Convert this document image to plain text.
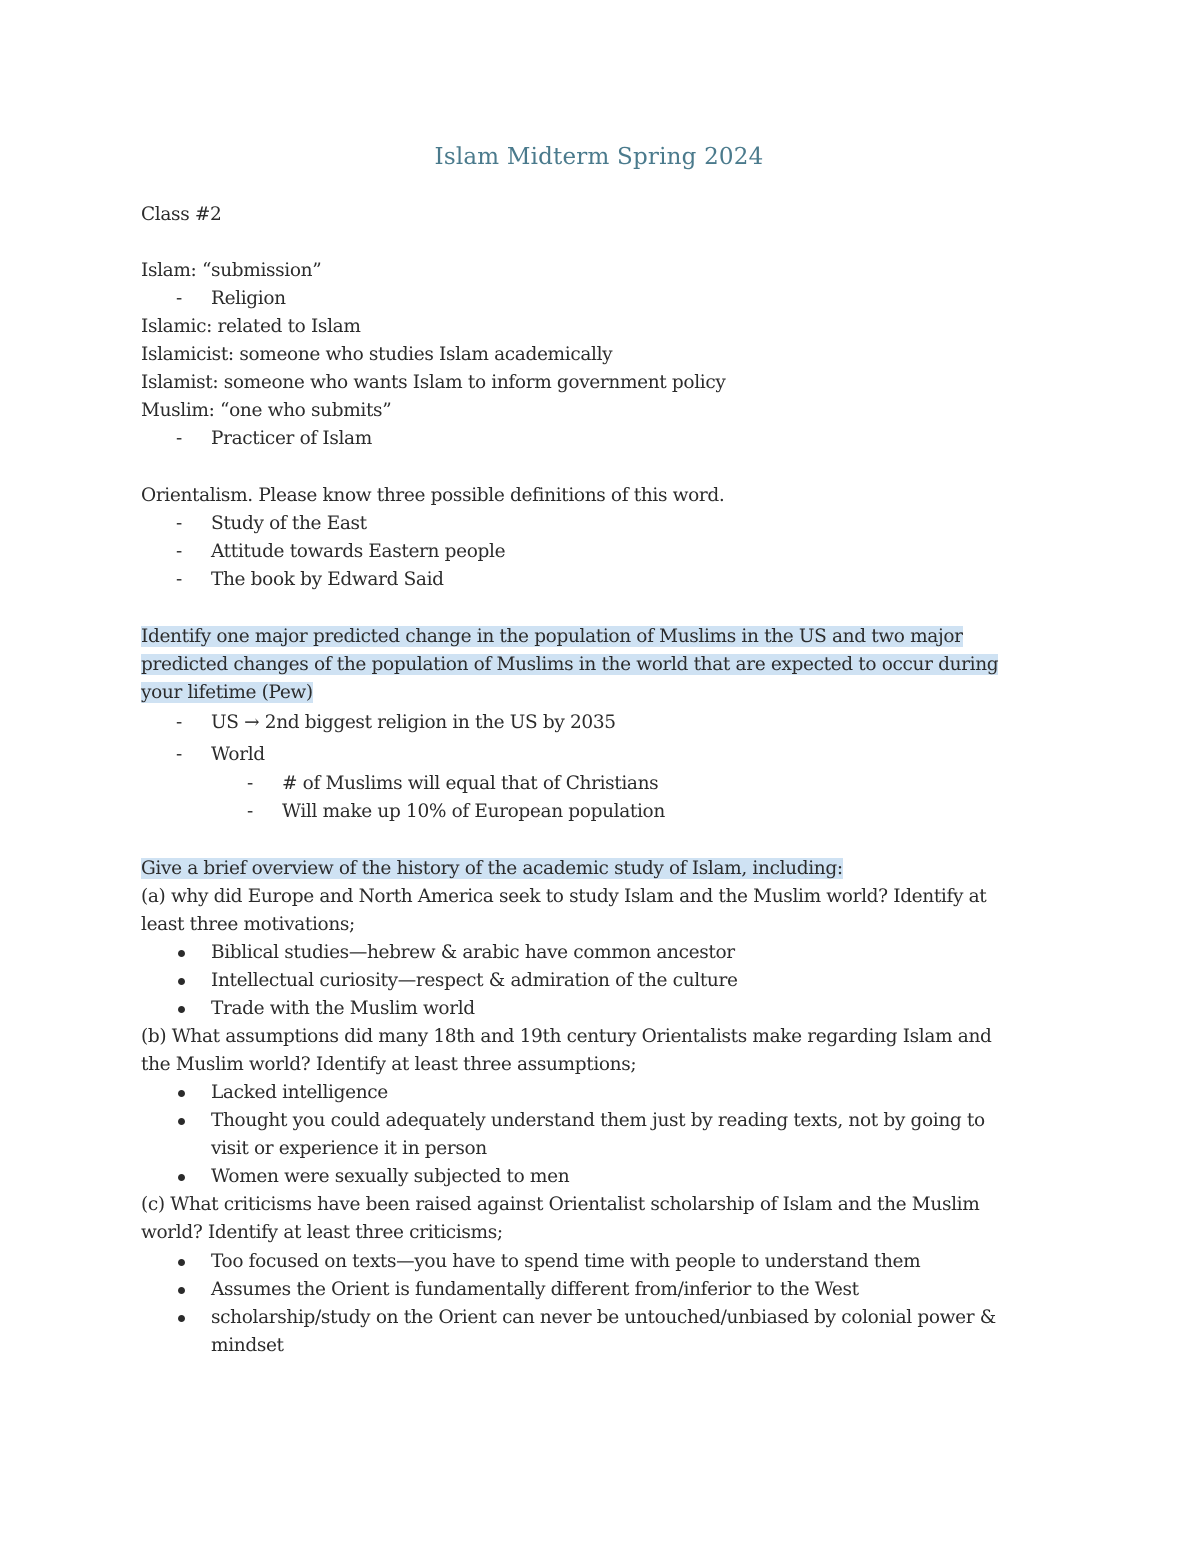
Islam Midterm Spring 2024
Class #2
Islam: “submission”
- Religion
Islamic: related to Islam
Islamicist: someone who studies Islam academically
Islamist: someone who wants Islam to inform government policy
Muslim: “one who submits”
- Practicer of Islam
Orientalism. Please know three possible definitions of this word.
- Study of the East
- Attitude towards Eastern people
- The book by Edward Said
Identify one major predicted change in the population of Muslims in the US and two major
predicted changes of the population of Muslims in the world that are expected to occur during
your lifetime (Pew)
- US → 2nd biggest religion in the US by 2035
- World
- # of Muslims will equal that of Christians
- Will make up 10% of European population
Give a brief overview of the history of the academic study of Islam, including:
(a) why did Europe and North America seek to study Islam and the Muslim world? Identify at
least three motivations;
Biblical studies—hebrew & arabic have common ancestor
Intellectual curiosity—respect & admiration of the culture
Trade with the Muslim world
(b) What assumptions did many 18th and 19th century Orientalists make regarding Islam and
the Muslim world? Identify at least three assumptions;
Lacked intelligence
Thought you could adequately understand them just by reading texts, not by going to
visit or experience it in person
Women were sexually subjected to men
(c) What criticisms have been raised against Orientalist scholarship of Islam and the Muslim
world? Identify at least three criticisms;
Too focused on texts—you have to spend time with people to understand them
Assumes the Orient is fundamentally different from/inferior to the West
scholarship/study on the Orient can never be untouched/unbiased by colonial power &
mindset
